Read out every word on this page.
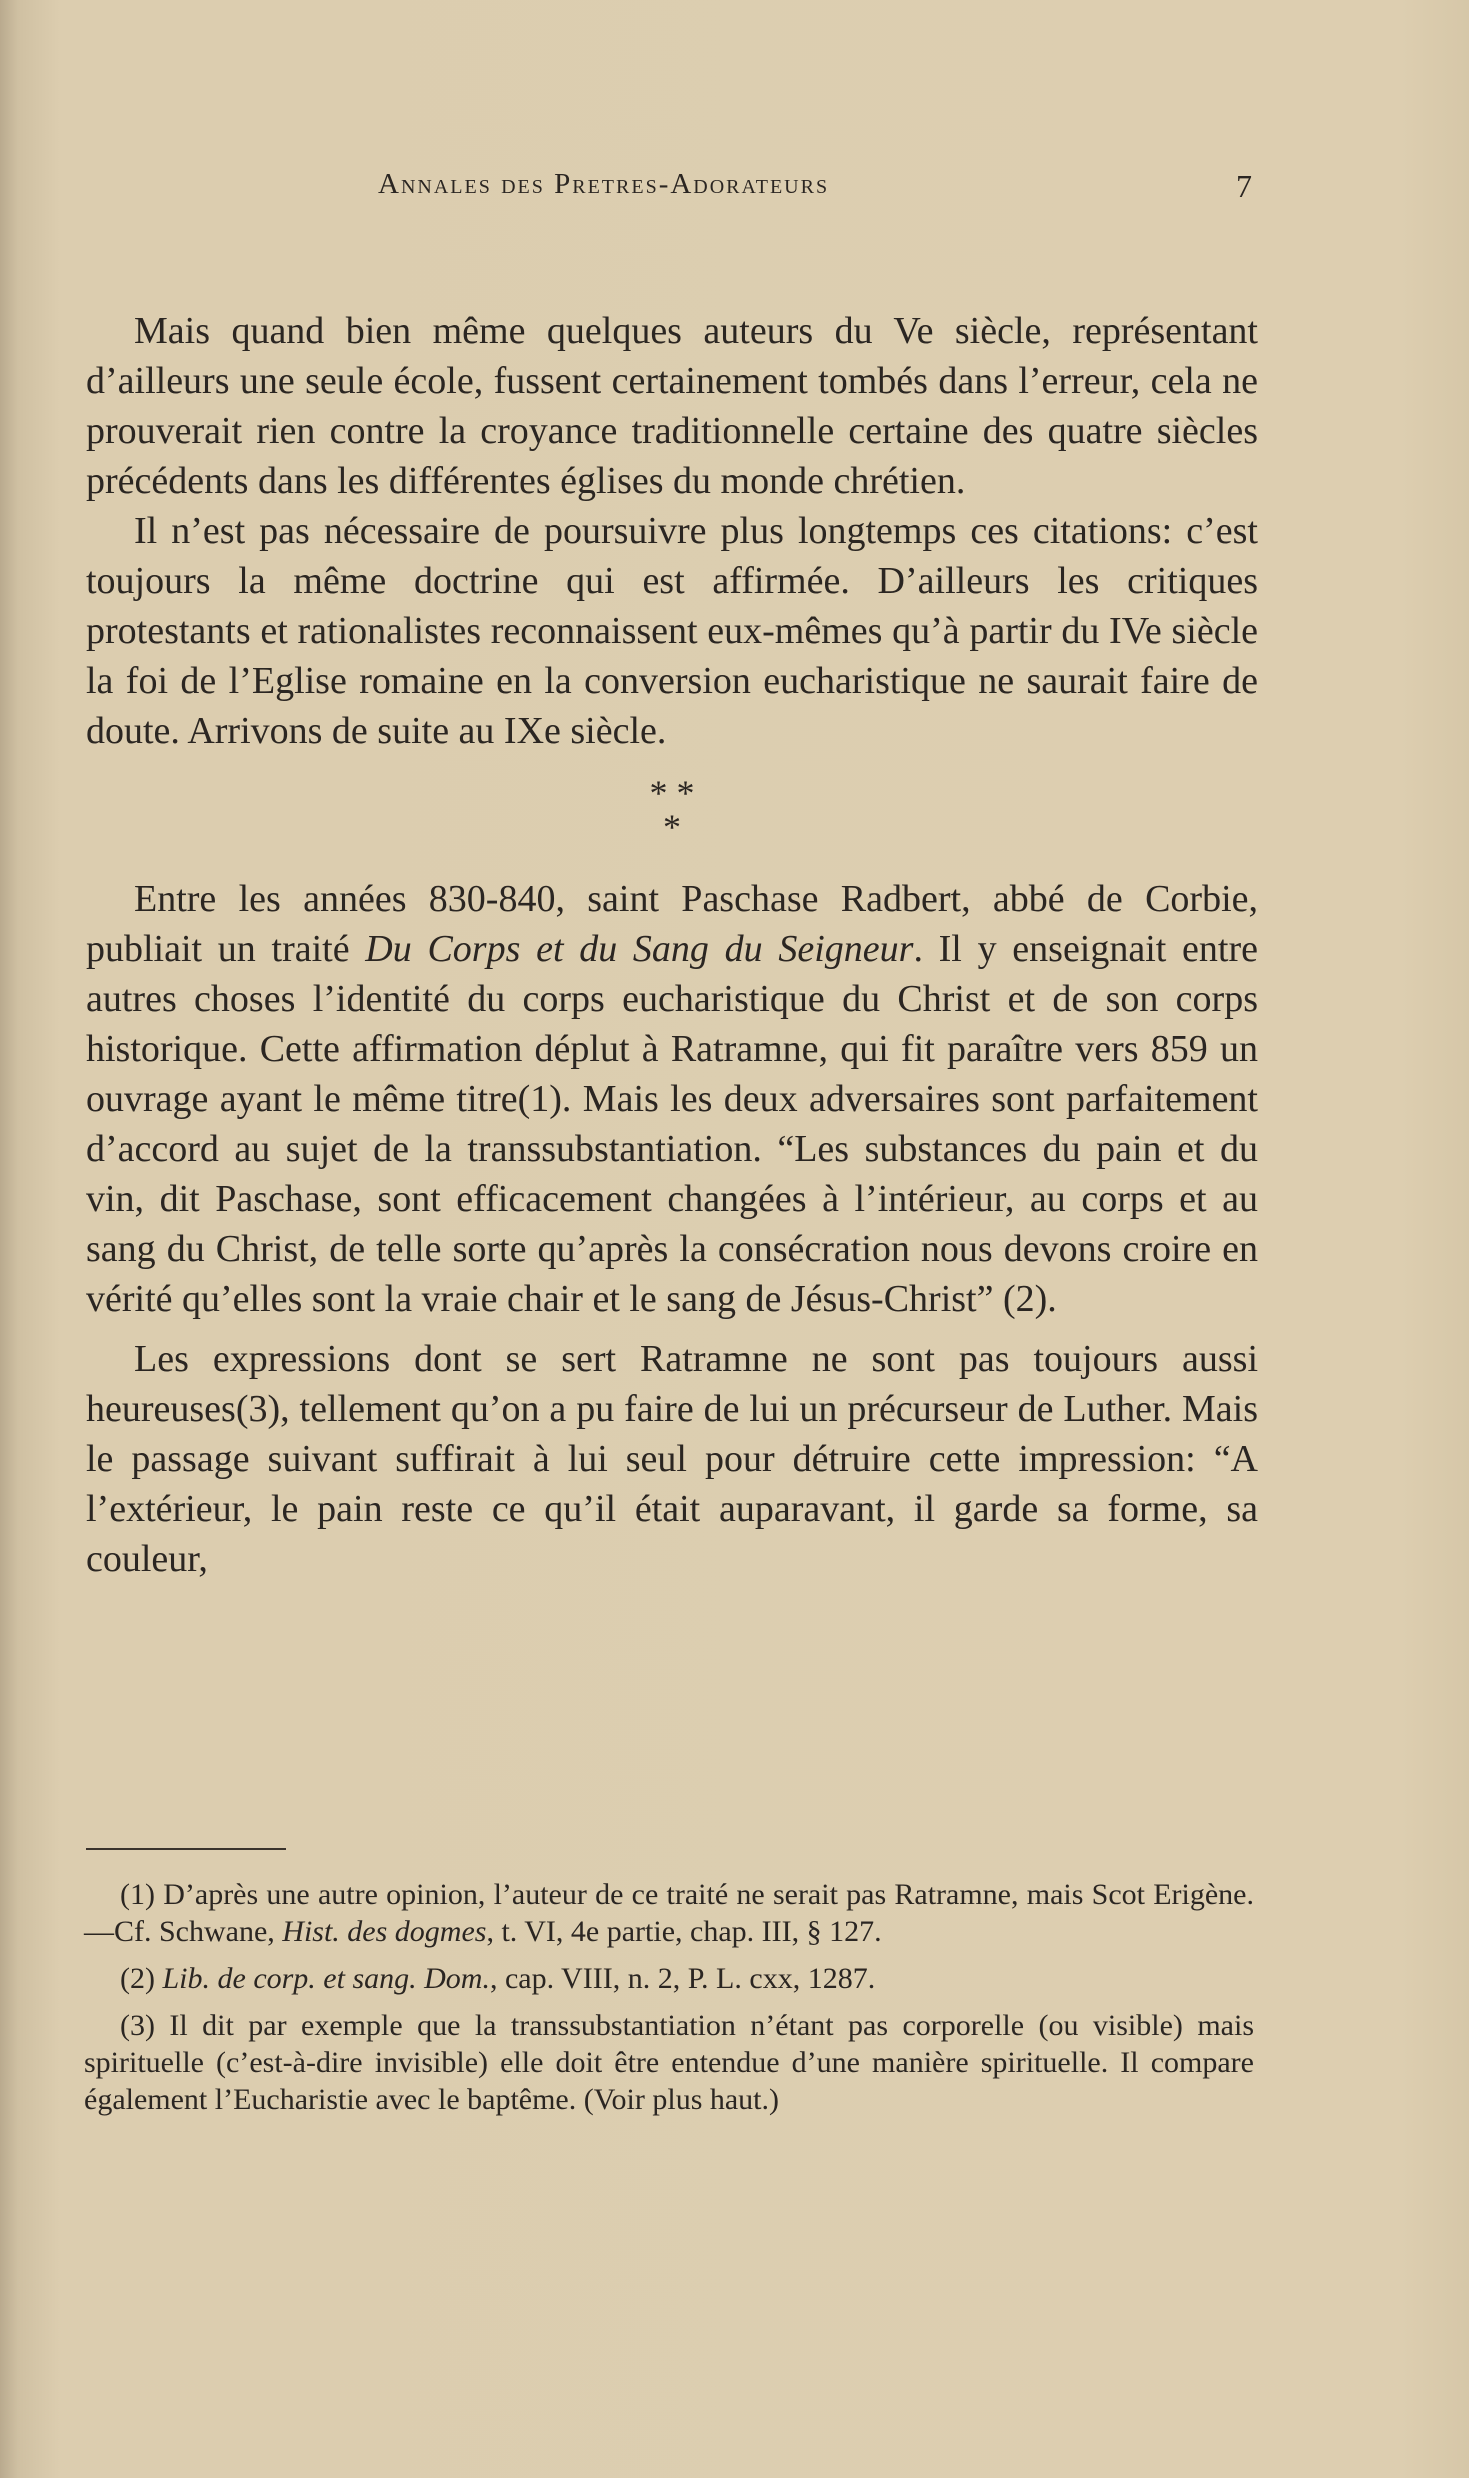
Annales des Pretres-Adorateurs	7

Mais quand bien même quelques auteurs du Ve siècle, représentant d’ailleurs une seule école, fussent certainement tombés dans l’erreur, cela ne prouverait rien contre la croyance traditionnelle certaine des quatre siècles précédents dans les différentes églises du monde chrétien.

Il n’est pas nécessaire de poursuivre plus longtemps ces citations: c’est toujours la même doctrine qui est affirmée. D’ailleurs les critiques protestants et rationalistes reconnaissent eux-mêmes qu’à partir du IVe siècle la foi de l’Eglise romaine en la conversion eucharistique ne saurait faire de doute. Arrivons de suite au IXe siècle.

* *
*

Entre les années 830-840, saint Paschase Radbert, abbé de Corbie, publiait un traité Du Corps et du Sang du Seigneur. Il y enseignait entre autres choses l’identité du corps eucharistique du Christ et de son corps historique. Cette affirmation déplut à Ratramne, qui fit paraître vers 859 un ouvrage ayant le même titre(1). Mais les deux adversaires sont parfaitement d’accord au sujet de la transsubstantiation. “Les substances du pain et du vin, dit Paschase, sont efficacement changées à l’intérieur, au corps et au sang du Christ, de telle sorte qu’après la consécration nous devons croire en vérité qu’elles sont la vraie chair et le sang de Jésus-Christ” (2).

Les expressions dont se sert Ratramne ne sont pas toujours aussi heureuses(3), tellement qu’on a pu faire de lui un précurseur de Luther. Mais le passage suivant suffirait à lui seul pour détruire cette impression: “A l’extérieur, le pain reste ce qu’il était auparavant, il garde sa forme, sa couleur,

(1) D’après une autre opinion, l’auteur de ce traité ne serait pas Ratramne, mais Scot Erigène.—Cf. Schwane, Hist. des dogmes, t. VI, 4e partie, chap. III, § 127.

(2) Lib. de corp. et sang. Dom., cap. VIII, n. 2, P. L. cxx, 1287.

(3) Il dit par exemple que la transsubstantiation n’étant pas corporelle (ou visible) mais spirituelle (c’est-à-dire invisible) elle doit être entendue d’une manière spirituelle. Il compare également l’Eucharistie avec le baptême. (Voir plus haut.)
